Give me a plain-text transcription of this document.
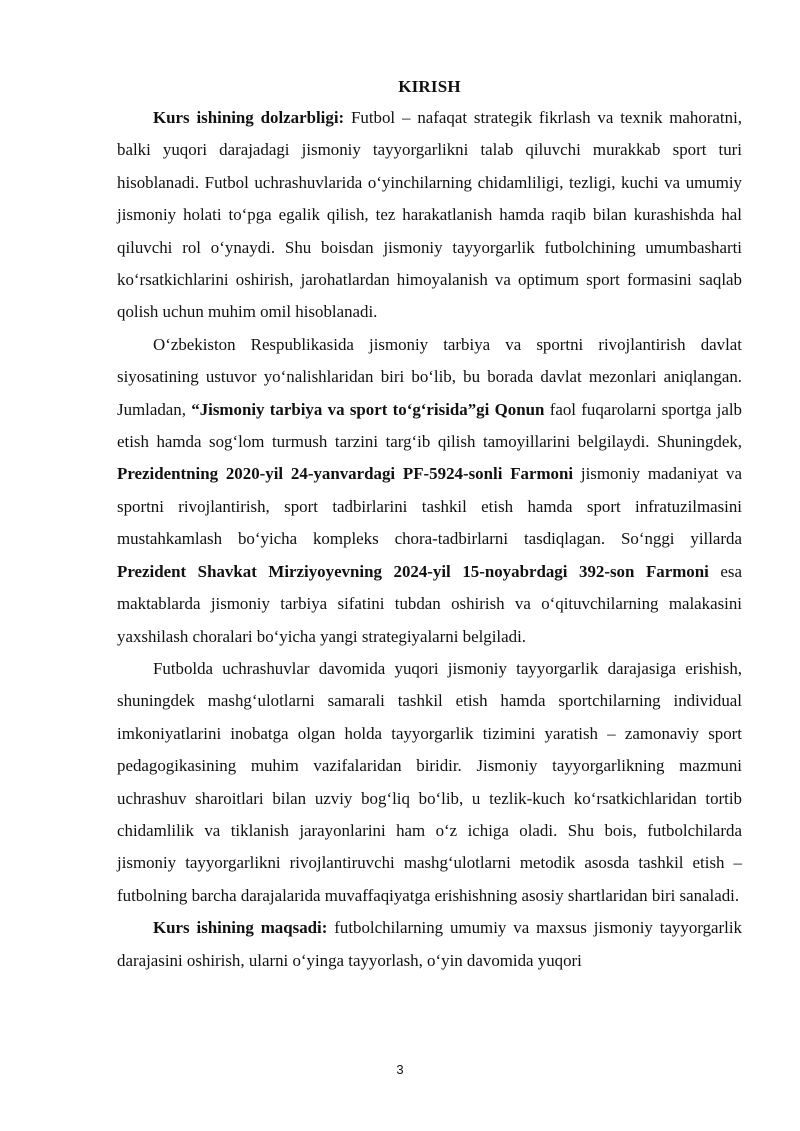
KIRISH

Kurs ishining dolzarbligi: Futbol – nafaqat strategik fikrlash va texnik mahoratni, balki yuqori darajadagi jismoniy tayyorgarlikni talab qiluvchi murakkab sport turi hisoblanadi. Futbol uchrashuvlarida o‘yinchilarning chidamliligi, tezligi, kuchi va umumiy jismoniy holati to‘pga egalik qilish, tez harakatlanish hamda raqib bilan kurashishda hal qiluvchi rol o‘ynaydi. Shu boisdan jismoniy tayyorgarlik futbolchining umumbasharti ko‘rsatkichlarini oshirish, jarohatlardan himoyalanish va optimum sport formasini saqlab qolish uchun muhim omil hisoblanadi.

O‘zbekiston Respublikasida jismoniy tarbiya va sportni rivojlantirish davlat siyosatining ustuvor yo‘nalishlaridan biri bo‘lib, bu borada davlat mezonlari aniqlangan. Jumladan, “Jismoniy tarbiya va sport to‘g‘risida”gi Qonun faol fuqarolarni sportga jalb etish hamda sog‘lom turmush tarzini targ‘ib qilish tamoyillarini belgilaydi. Shuningdek, Prezidentning 2020-yil 24-yanvardagi PF-5924-sonli Farmoni jismoniy madaniyat va sportni rivojlantirish, sport tadbirlarini tashkil etish hamda sport infratuzilmasini mustahkamlash bo‘yicha kompleks chora-tadbirlarni tasdiqlagan. So‘nggi yillarda Prezident Shavkat Mirziyoyevning 2024-yil 15-noyabrdagi 392-son Farmoni esa maktablarda jismoniy tarbiya sifatini tubdan oshirish va o‘qituvchilarning malakasini yaxshilash choralari bo‘yicha yangi strategiyalarni belgiladi.

Futbolda uchrashuvlar davomida yuqori jismoniy tayyorgarlik darajasiga erishish, shuningdek mashg‘ulotlarni samarali tashkil etish hamda sportchilarning individual imkoniyatlarini inobatga olgan holda tayyorgarlik tizimini yaratish – zamonaviy sport pedagogikasining muhim vazifalaridan biridir. Jismoniy tayyorgarlikning mazmuni uchrashuv sharoitlari bilan uzviy bog‘liq bo‘lib, u tezlik-kuch ko‘rsatkichlaridan tortib chidamlilik va tiklanish jarayonlarini ham o‘z ichiga oladi. Shu bois, futbolchilarda jismoniy tayyorgarlikni rivojlantiruvchi mashg‘ulotlarni metodik asosda tashkil etish – futbolning barcha darajalarida muvaffaqiyatga erishishning asosiy shartlaridan biri sanaladi.

Kurs ishining maqsadi: futbolchilarning umumiy va maxsus jismoniy tayyorgarlik darajasini oshirish, ularni o‘yinga tayyorlash, o‘yin davomida yuqori

3
